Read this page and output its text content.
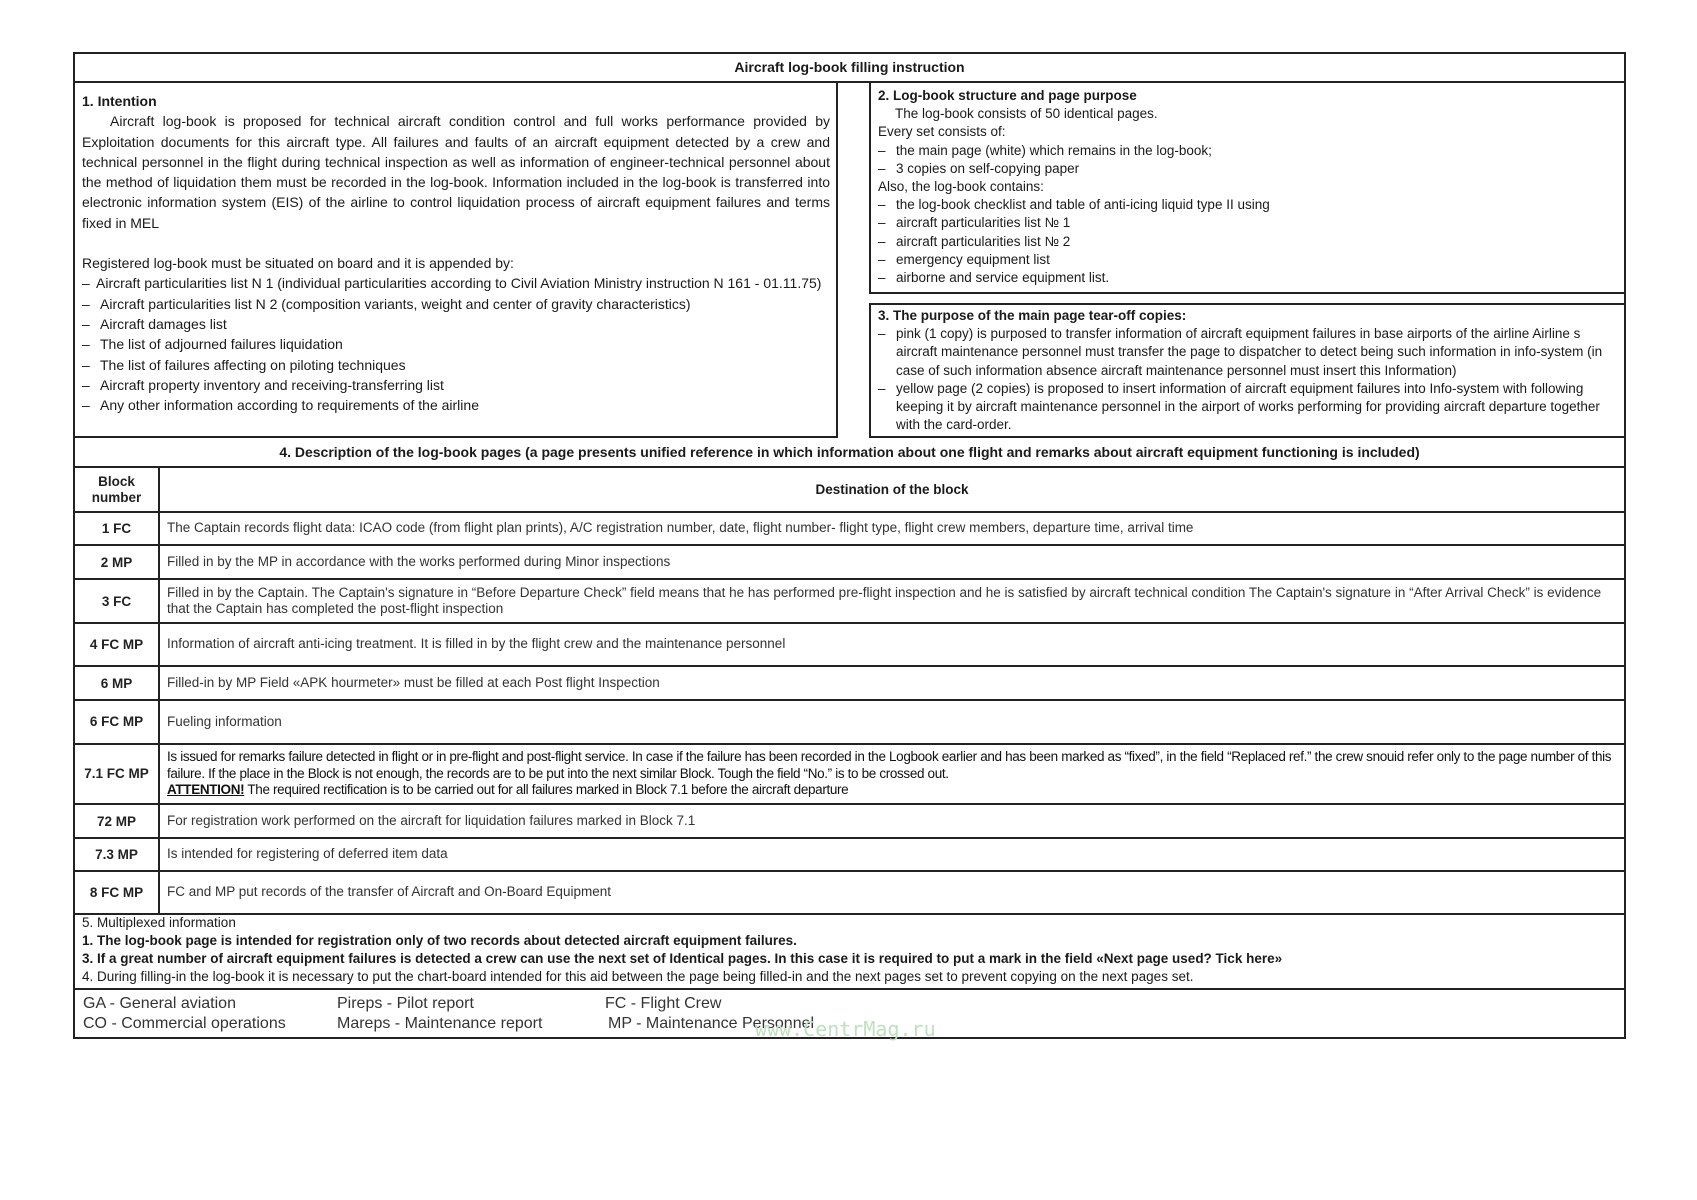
Aircraft log-book filling instruction
1. Intention
Aircraft log-book is proposed for technical aircraft condition control and full works performance provided by Exploitation documents for this aircraft type. All failures and faults of an aircraft equipment detected by a crew and technical personnel in the flight during technical inspection as well as information of engineer-technical personnel about the method of liquidation them must be recorded in the log-book. Information included in the log-book is transferred into electronic information system (EIS) of the airline to control liquidation process of aircraft equipment failures and terms fixed in MEL
Registered log-book must be situated on board and it is appended by:
– Aircraft particularities list N 1 (individual particularities according to Civil Aviation Ministry instruction N 161 - 01.11.75)
– Aircraft particularities list N 2 (composition variants, weight and center of gravity characteristics)
– Aircraft damages list
– The list of adjourned failures liquidation
– The list of failures affecting on piloting techniques
– Aircraft property inventory and receiving-transferring list
– Any other information according to requirements of the airline
2. Log-book structure and page purpose
The log-book consists of 50 identical pages.
Every set consists of:
– the main page (white) which remains in the log-book;
– 3 copies on self-copying paper
Also, the log-book contains:
– the log-book checklist and table of anti-icing liquid type II using
– aircraft particularities list № 1
– aircraft particularities list № 2
– emergency equipment list
– airborne and service equipment list.
3. The purpose of the main page tear-off copies:
– pink (1 copy) is purposed to transfer information of aircraft equipment failures in base airports of the airline Airline s aircraft maintenance personnel must transfer the page to dispatcher to detect being such information in info-system (in case of such information absence aircraft maintenance personnel must insert this Information)
– yellow page (2 copies) is proposed to insert information of aircraft equipment failures into Info-system with following keeping it by aircraft maintenance personnel in the airport of works performing for providing aircraft departure together with the card-order.
4. Description of the log-book pages (a page presents unified reference in which information about one flight and remarks about aircraft equipment functioning is included)
Block number	Destination of the block
1 FC	The Captain records flight data: ICAO code (from flight plan prints), A/C registration number, date, flight number- flight type, flight crew members, departure time, arrival time
2 MP	Filled in by the MP in accordance with the works performed during Minor inspections
3 FC	Filled in by the Captain. The Captain's signature in “Before Departure Check” field means that he has performed pre-flight inspection and he is satisfied by aircraft technical condition The Captain's signature in “After Arrival Check” is evidence that the Captain has completed the post-flight inspection
4 FC MP	Information of aircraft anti-icing treatment. It is filled in by the flight crew and the maintenance personnel
6 MP	Filled-in by MP Field «APK hourmeter» must be filled at each Post flight Inspection
6 FC MP	Fueling information
7.1 FC MP	Is issued for remarks failure detected in flight or in pre-flight and post-flight service. In case if the failure has been recorded in the Logbook earlier and has been marked as “fixed”, in the field “Replaced ref.” the crew snouid refer only to the page number of this failure. If the place in the Block is not enough, the records are to be put into the next similar Block. Tough the field “No.” is to be crossed out.
ATTENTION! The required rectification is to be carried out for all failures marked in Block 7.1 before the aircraft departure

72 MP	For registration work performed on the aircraft for liquidation failures marked in Block 7.1
7.3 MP	Is intended for registering of deferred item data
8 FC MP	FC and MP put records of the transfer of Aircraft and On-Board Equipment
5. Multiplexed information
1. The log-book page is intended for registration only of two records about detected aircraft equipment failures.
3. If a great number of aircraft equipment failures is detected a crew can use the next set of Identical pages. In this case it is required to put a mark in the field «Next page used? Tick here»
4. During filling-in the log-book it is necessary to put the chart-board intended for this aid between the page being filled-in and the next pages set to prevent copying on the next pages set.
GA - General aviation
CO - Commercial operations
Pireps - Pilot report
Mareps - Maintenance report
FC - Flight Crew
MP - Maintenance Personnel
www.CentrMag.ru
